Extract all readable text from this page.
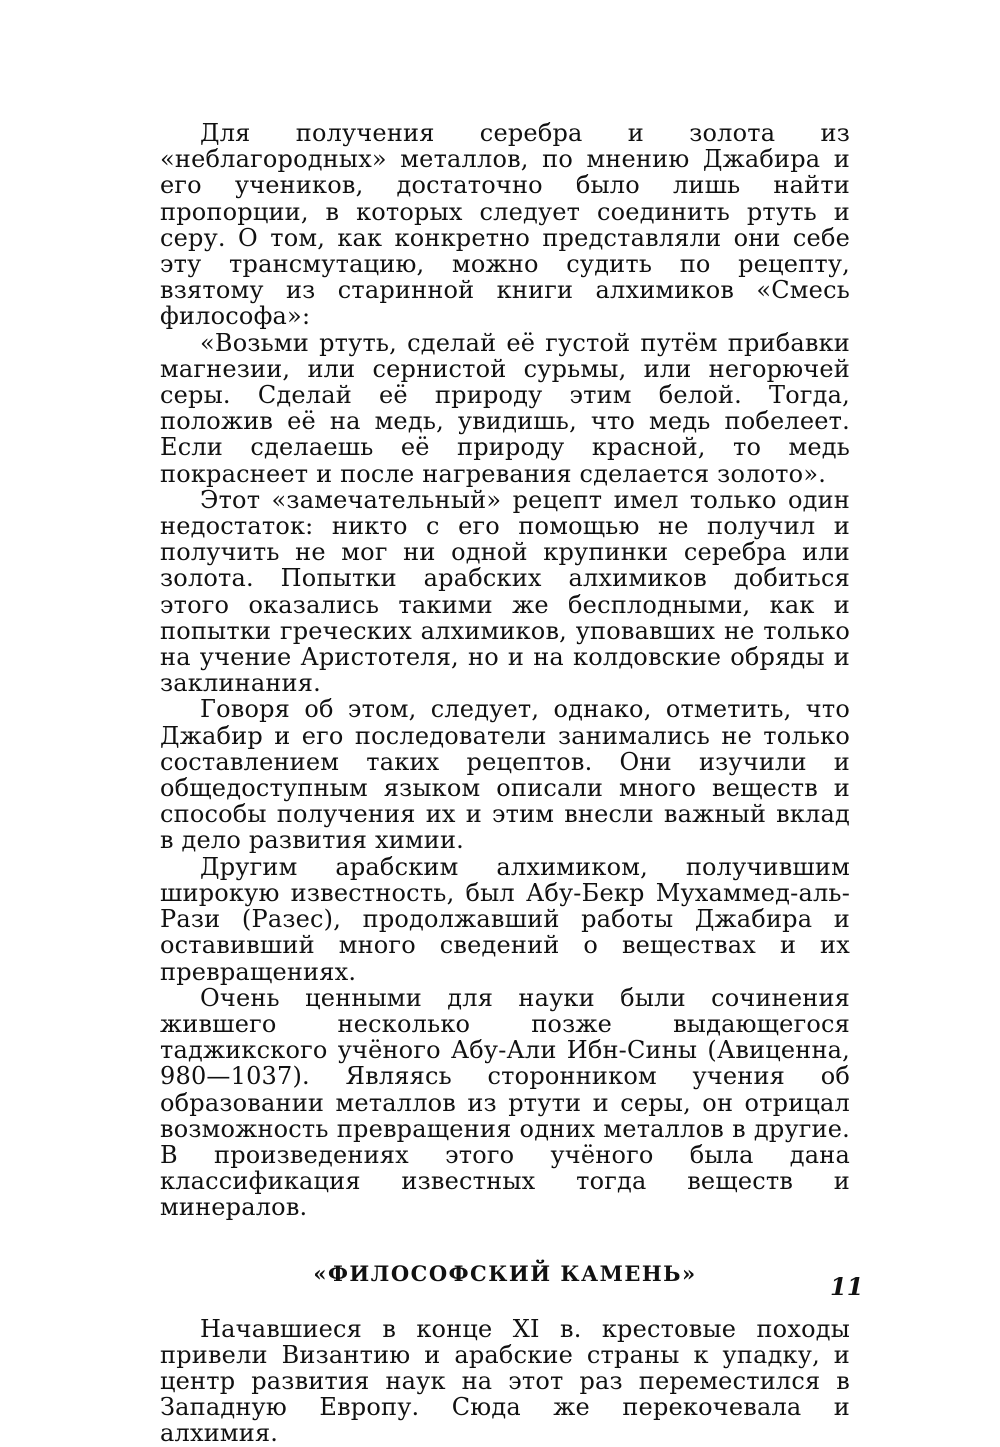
Для получения серебра и золота из «неблагородных» металлов, по мнению Джабира и его учеников, достаточно было лишь найти пропорции, в которых следует соединить ртуть и серу. О том, как конкретно представляли они себе эту трансмутацию, можно судить по рецепту, взятому из старинной книги алхимиков «Смесь философа»:

«Возьми ртуть, сделай её густой путём прибавки магнезии, или сернистой сурьмы, или негорючей серы. Сделай её природу этим белой. Тогда, положив её на медь, увидишь, что медь побелеет. Если сделаешь её природу красной, то медь покраснеет и после нагревания сделается золото».

Этот «замечательный» рецепт имел только один недостаток: никто с его помощью не получил и получить не мог ни одной крупинки серебра или золота. Попытки арабских алхимиков добиться этого оказались такими же бесплодными, как и попытки греческих алхимиков, уповавших не только на учение Аристотеля, но и на колдовские обряды и заклинания.

Говоря об этом, следует, однако, отметить, что Джабир и его последователи занимались не только составлением таких рецептов. Они изучили и общедоступным языком описали много веществ и способы получения их и этим внесли важный вклад в дело развития химии.

Другим арабским алхимиком, получившим широкую известность, был Абу-Бекр Мухаммед-аль-Рази (Разес), продолжавший работы Джабира и оставивший много сведений о веществах и их превращениях.

Очень ценными для науки были сочинения жившего несколько позже выдающегося таджикского учёного Абу-Али Ибн-Сины (Авиценна, 980—1037). Являясь сторонником учения об образовании металлов из ртути и серы, он отрицал возможность превращения одних металлов в другие. В произведениях этого учёного была дана классификация известных тогда веществ и минералов.

«ФИЛОСОФСКИЙ КАМЕНЬ»

Начавшиеся в конце XI в. крестовые походы привели Византию и арабские страны к упадку, и центр развития наук на этот раз переместился в Западную Европу. Сюда же перекочевала и алхимия.

11
